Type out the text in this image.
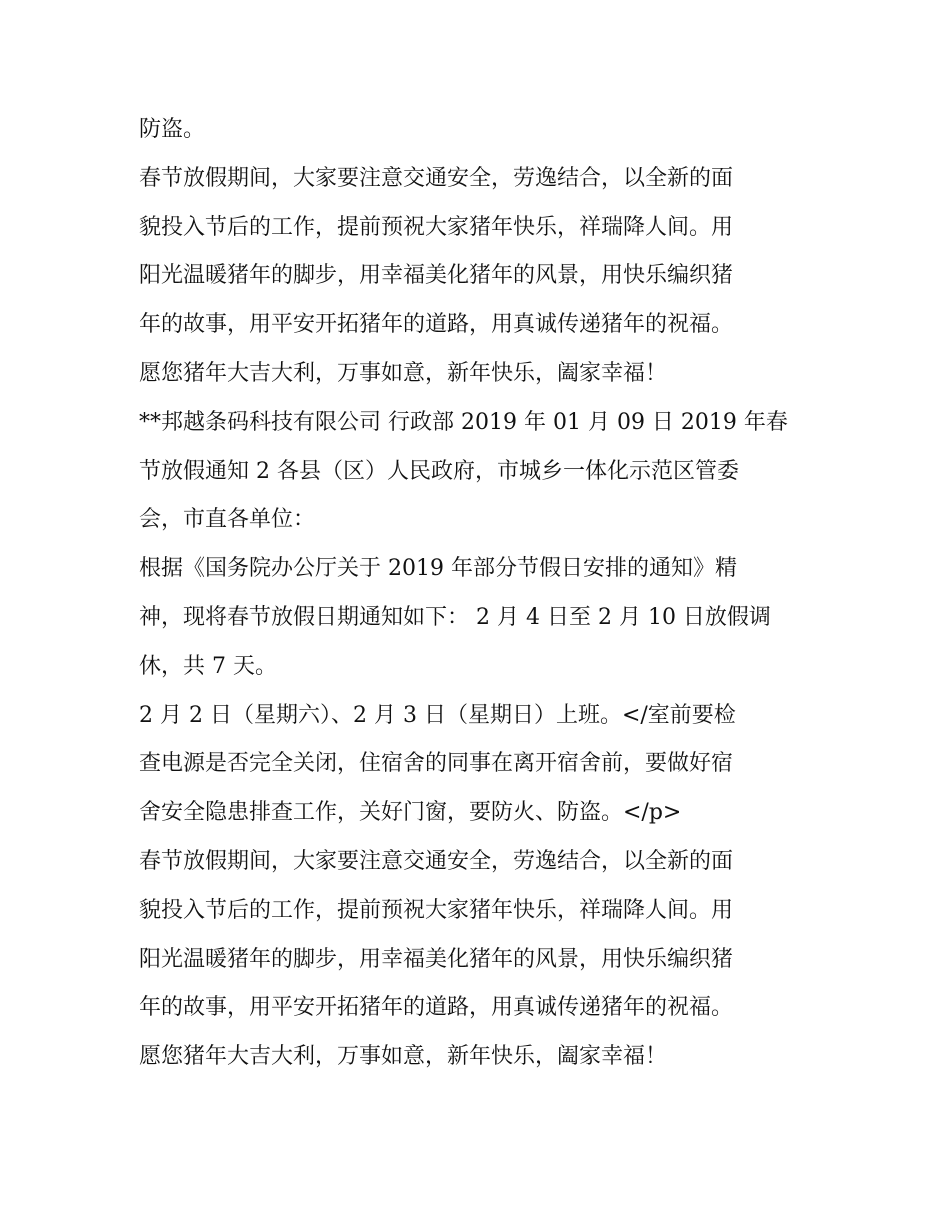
防盗。
春节放假期间，大家要注意交通安全，劳逸结合，以全新的面
貌投入节后的工作，提前预祝大家猪年快乐，祥瑞降人间。用
阳光温暖猪年的脚步，用幸福美化猪年的风景，用快乐编织猪
年的故事，用平安开拓猪年的道路，用真诚传递猪年的祝福。
愿您猪年大吉大利，万事如意，新年快乐，阖家幸福！
**邦越条码科技有限公司 行政部 2019 年 01 月 09 日 2019 年春
节放假通知 2 各县（区）人民政府，市城乡一体化示范区管委
会，市直各单位：
根据《国务院办公厅关于 2019 年部分节假日安排的通知》精
神，现将春节放假日期通知如下： 2 月 4 日至 2 月 10 日放假调
休，共 7 天。
2 月 2 日（星期六）、2 月 3 日（星期日）上班。</室前要检
查电源是否完全关闭，住宿舍的同事在离开宿舍前，要做好宿
舍安全隐患排查工作，关好门窗，要防火、防盗。</p>
春节放假期间，大家要注意交通安全，劳逸结合，以全新的面
貌投入节后的工作，提前预祝大家猪年快乐，祥瑞降人间。用
阳光温暖猪年的脚步，用幸福美化猪年的风景，用快乐编织猪
年的故事，用平安开拓猪年的道路，用真诚传递猪年的祝福。
愿您猪年大吉大利，万事如意，新年快乐，阖家幸福！
